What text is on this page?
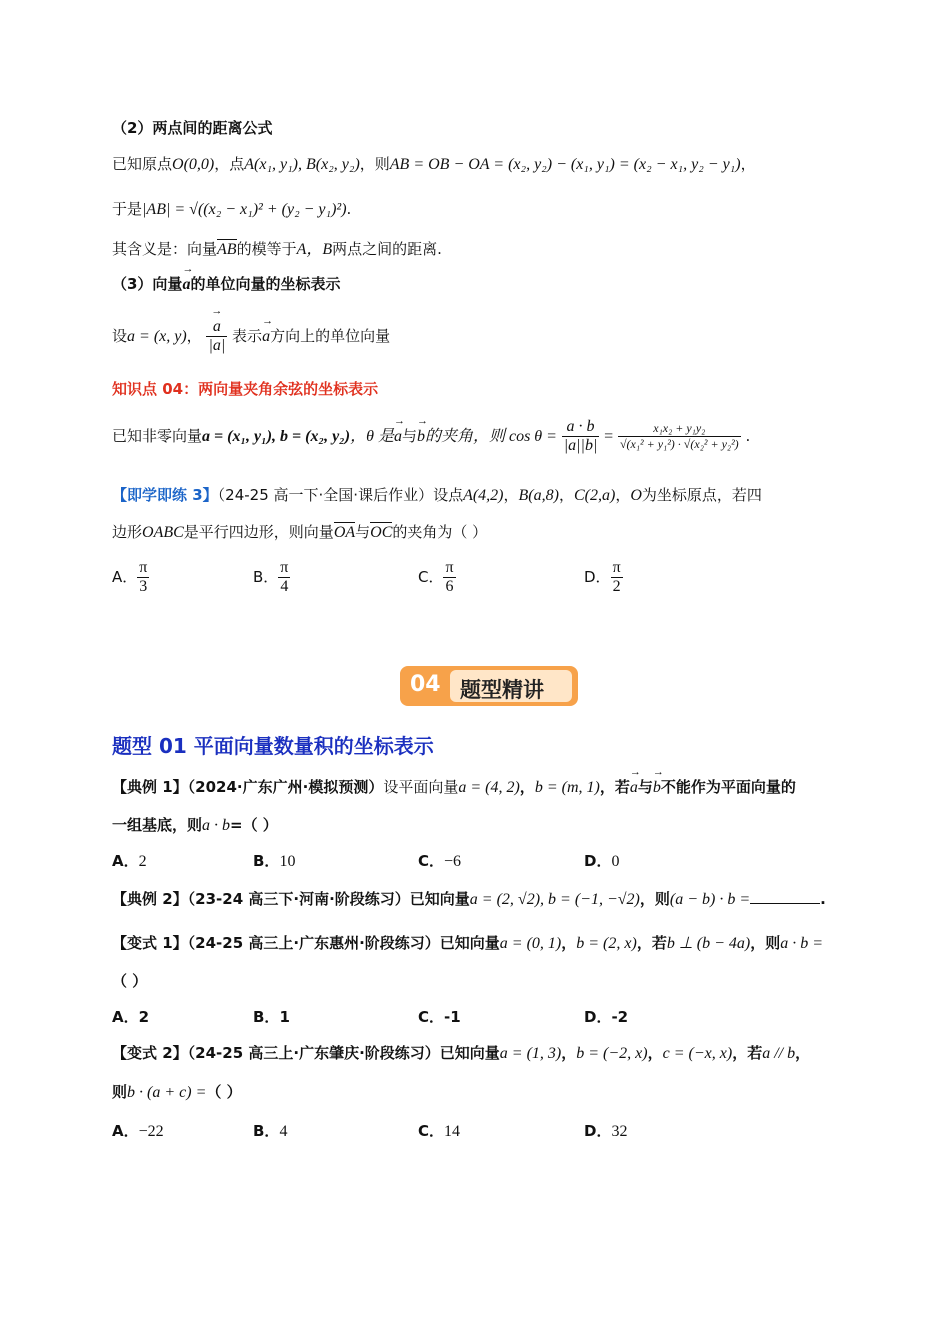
（2）两点间的距离公式
已知原点O(0,0)，点A(x₁, y₁), B(x₂, y₂)，则AB = OB − OA = (x₂, y₂) − (x₁, y₁) = (x₂ − x₁, y₂ − y₁)，
于是|AB| = √((x₂ − x₁)² + (y₂ − y₁)²).
其含义是：向量AB的模等于A，B两点之间的距离.
（3）向量→ a的单位向量的坐标表示
设a = (x, y)，
→ $\frac{a}{|a|}$ 表示→ a方向上的单位向量
知识点 04：两向量夹角余弦的坐标表示
已知非零向量a = (x₁, y₁), b = (x₂, y₂)，θ 是→ a与→ b的夹角，则 $\cos \theta = \frac{a \cdot b}{|a||b|} = \frac{\text{x₁x₂ + y₁y₂}}{\text{√(x₁² + y₁²) · √(x₂² + y₂²)}}$ .
【即学即练 3】（24-25 高一下·全国·课后作业）设点A(4,2)，B(a,8)，C(2,a)，O为坐标原点，若四
边形OABC是平行四边形，则向量OA与OC的夹角为（ ）
A． $\frac{\pi}{3}$	B． $\frac{\pi}{4}$	C． $\frac{\pi}{6}$	D． $\frac{\pi}{2}$
04 题型精讲
题型 01 平面向量数量积的坐标表示
【典例 1】（2024·广东广州·模拟预测）设平面向量a = (4, 2)，b = (m, 1)，若→ a与→ b不能作为平面向量的
一组基底，则a · b=（ ）
A．2	B．10	C．−6	D．0
【典例 2】（23-24 高三下·河南·阶段练习）已知向量a = (2, √2), b = (−1, −√2)，则(a − b) · b =	.
【变式 1】（24-25 高三上·广东惠州·阶段练习）已知向量a = (0, 1)，b = (2, x)，若b ⊥ (b − 4a)，则a · b =
（ ）
A．2	B．1	C．-1	D．-2
【变式 2】（24-25 高三上·广东肇庆·阶段练习）已知向量a = (1, 3)，b = (−2, x)，c = (−x, x)，若a // b，
则b · (a + c) =（ ）
A．−22	B．4	C．14	D．32
